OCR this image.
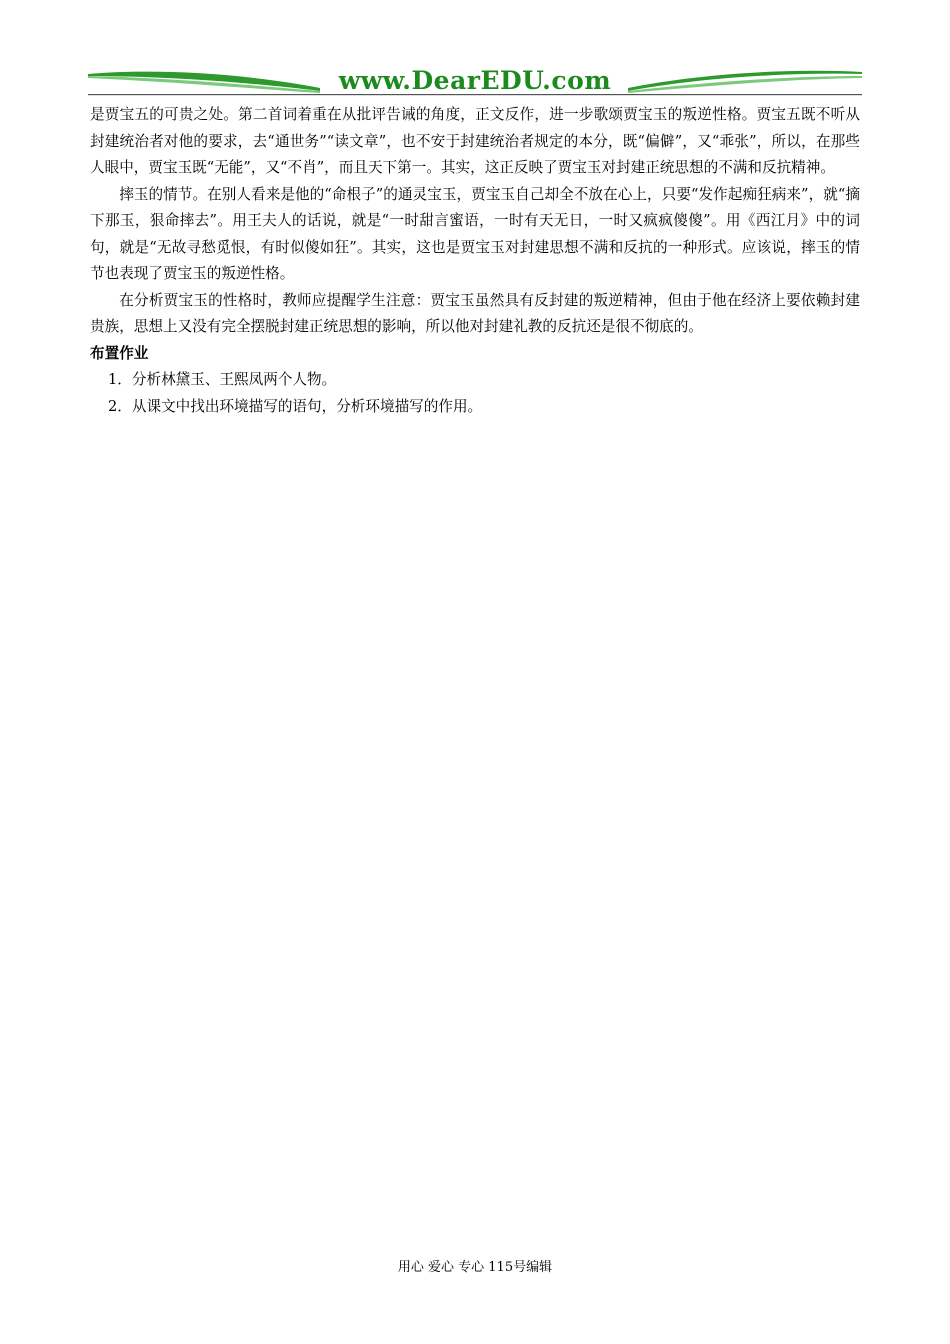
www.DearEDU.com

是贾宝五的可贵之处。第二首词着重在从批评告诫的角度，正文反作，进一步歌颂贾宝玉的叛逆性格。贾宝五既不听从封建统治者对他的要求，去“通世务”“读文章”，也不安于封建统治者规定的本分，既“偏僻”，又“乖张”，所以，在那些人眼中，贾宝玉既“无能”，又“不肖”，而且天下第一。其实，这正反映了贾宝玉对封建正统思想的不满和反抗精神。

摔玉的情节。在别人看来是他的“命根子”的通灵宝玉，贾宝玉自己却全不放在心上，只要“发作起痴狂病来”，就“摘下那玉，狠命摔去”。用王夫人的话说，就是“一时甜言蜜语，一时有天无日，一时又疯疯傻傻”。用《西江月》中的词句，就是“无故寻愁觅恨，有时似傻如狂”。其实，这也是贾宝玉对封建思想不满和反抗的一种形式。应该说，摔玉的情节也表现了贾宝玉的叛逆性格。

在分析贾宝玉的性格时，教师应提醒学生注意：贾宝玉虽然具有反封建的叛逆精神，但由于他在经济上要依赖封建贵族，思想上又没有完全摆脱封建正统思想的影响，所以他对封建礼教的反抗还是很不彻底的。

布置作业

1．分析林黛玉、王熙凤两个人物。

2．从课文中找出环境描写的语句，分析环境描写的作用。

用心 爱心 专心 115号编辑
